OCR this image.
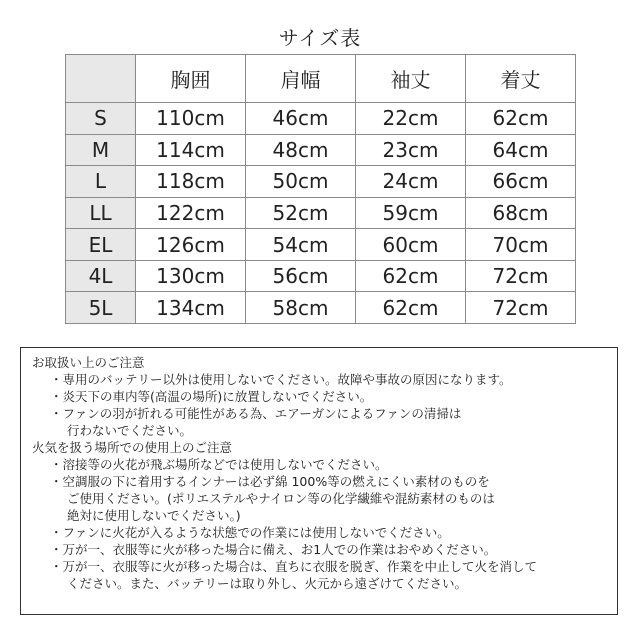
サイズ表
	胸囲	肩幅	袖丈	着丈
S	110cm	46cm	22cm	62cm
M	114cm	48cm	23cm	64cm
L	118cm	50cm	24cm	66cm
LL	122cm	52cm	59cm	68cm
EL	126cm	54cm	60cm	70cm
4L	130cm	56cm	62cm	72cm
5L	134cm	58cm	62cm	72cm
お取扱い上のご注意
・専用のバッテリー以外は使用しないでください。故障や事故の原因になります。
・炎天下の車内等(高温の場所)に放置しないでください。
・ファンの羽が折れる可能性がある為、エアーガンによるファンの清掃は
行わないでください。
火気を扱う場所での使用上のご注意
・溶接等の火花が飛ぶ場所などでは使用しないでください。
・空調服の下に着用するインナーは必ず綿 100%等の燃えにくい素材のものを
ご使用ください。(ポリエステルやナイロン等の化学繊維や混紡素材のものは
絶対に使用しないでください。)
・ファンに火花が入るような状態での作業には使用しないでください。
・万が一、衣服等に火が移った場合に備え、お1人での作業はおやめください。
・万が一、衣服等に火が移った場合は、直ちに衣服を脱ぎ、作業を中止して火を消して
ください。また、バッテリーは取り外し、火元から遠ざけてください。
